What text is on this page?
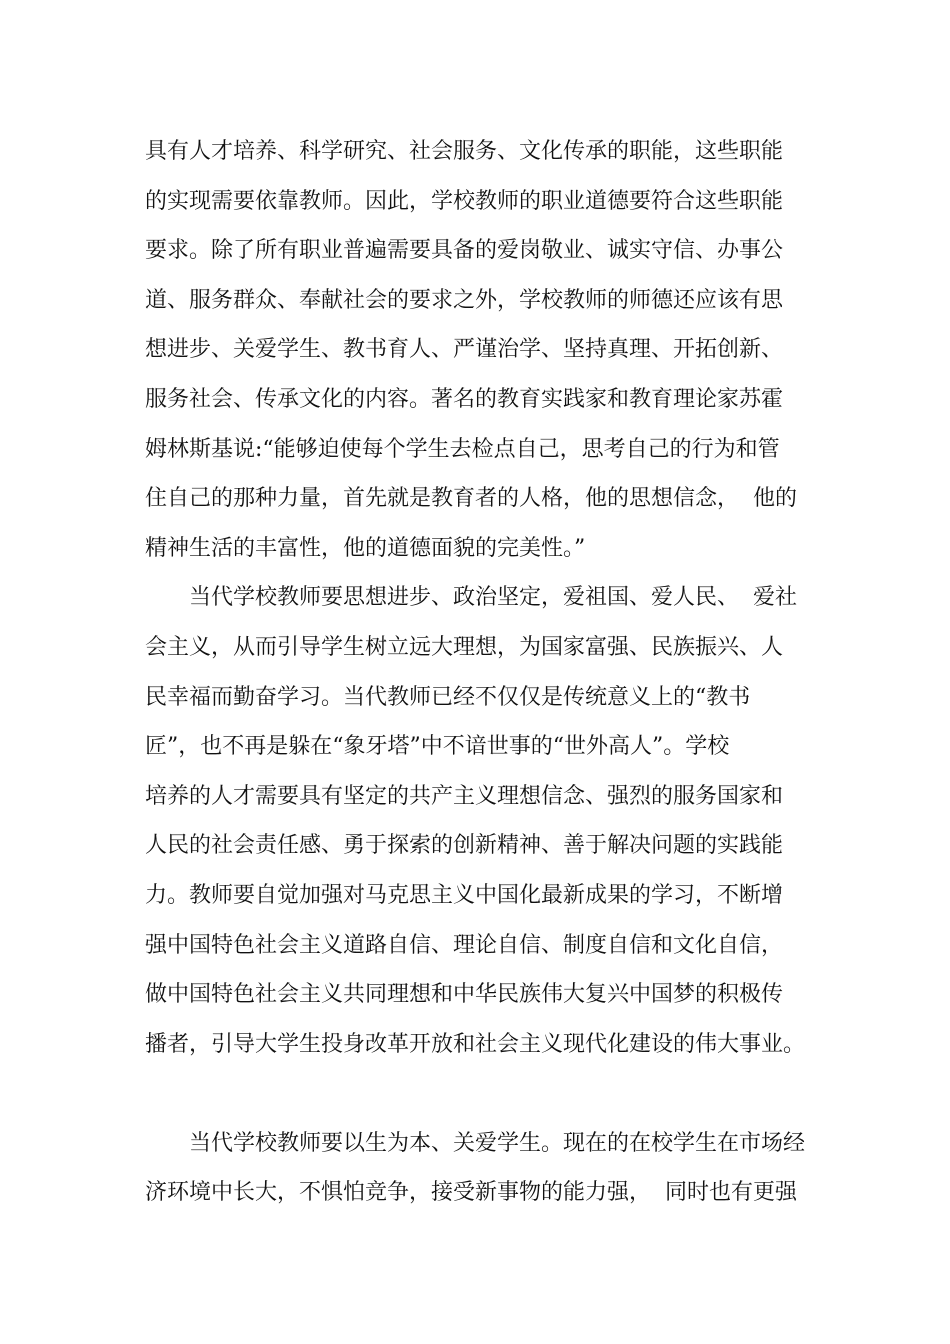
具有人才培养、科学研究、社会服务、文化传承的职能，这些职能
的实现需要依靠教师。因此，学校教师的职业道德要符合这些职能
要求。除了所有职业普遍需要具备的爱岗敬业、诚实守信、办事公
道、服务群众、奉献社会的要求之外，学校教师的师德还应该有思
想进步、关爱学生、教书育人、严谨治学、坚持真理、开拓创新、
服务社会、传承文化的内容。著名的教育实践家和教育理论家苏霍
姆林斯基说:“能够迫使每个学生去检点自己，思考自己的行为和管
住自己的那种力量，首先就是教育者的人格，他的思想信念，  他的
精神生活的丰富性，他的道德面貌的完美性。”
　　当代学校教师要思想进步、政治坚定，爱祖国、爱人民、  爱社
会主义，从而引导学生树立远大理想，为国家富强、民族振兴、人
民幸福而勤奋学习。当代教师已经不仅仅是传统意义上的“教书
匠”，也不再是躲在“象牙塔”中不谙世事的“世外高人”。学校
培养的人才需要具有坚定的共产主义理想信念、强烈的服务国家和
人民的社会责任感、勇于探索的创新精神、善于解决问题的实践能
力。教师要自觉加强对马克思主义中国化最新成果的学习，不断增
强中国特色社会主义道路自信、理论自信、制度自信和文化自信，
做中国特色社会主义共同理想和中华民族伟大复兴中国梦的积极传
播者，引导大学生投身改革开放和社会主义现代化建设的伟大事业。
　　当代学校教师要以生为本、关爱学生。现在的在校学生在市场经
济环境中长大，不惧怕竞争，接受新事物的能力强，  同时也有更强
